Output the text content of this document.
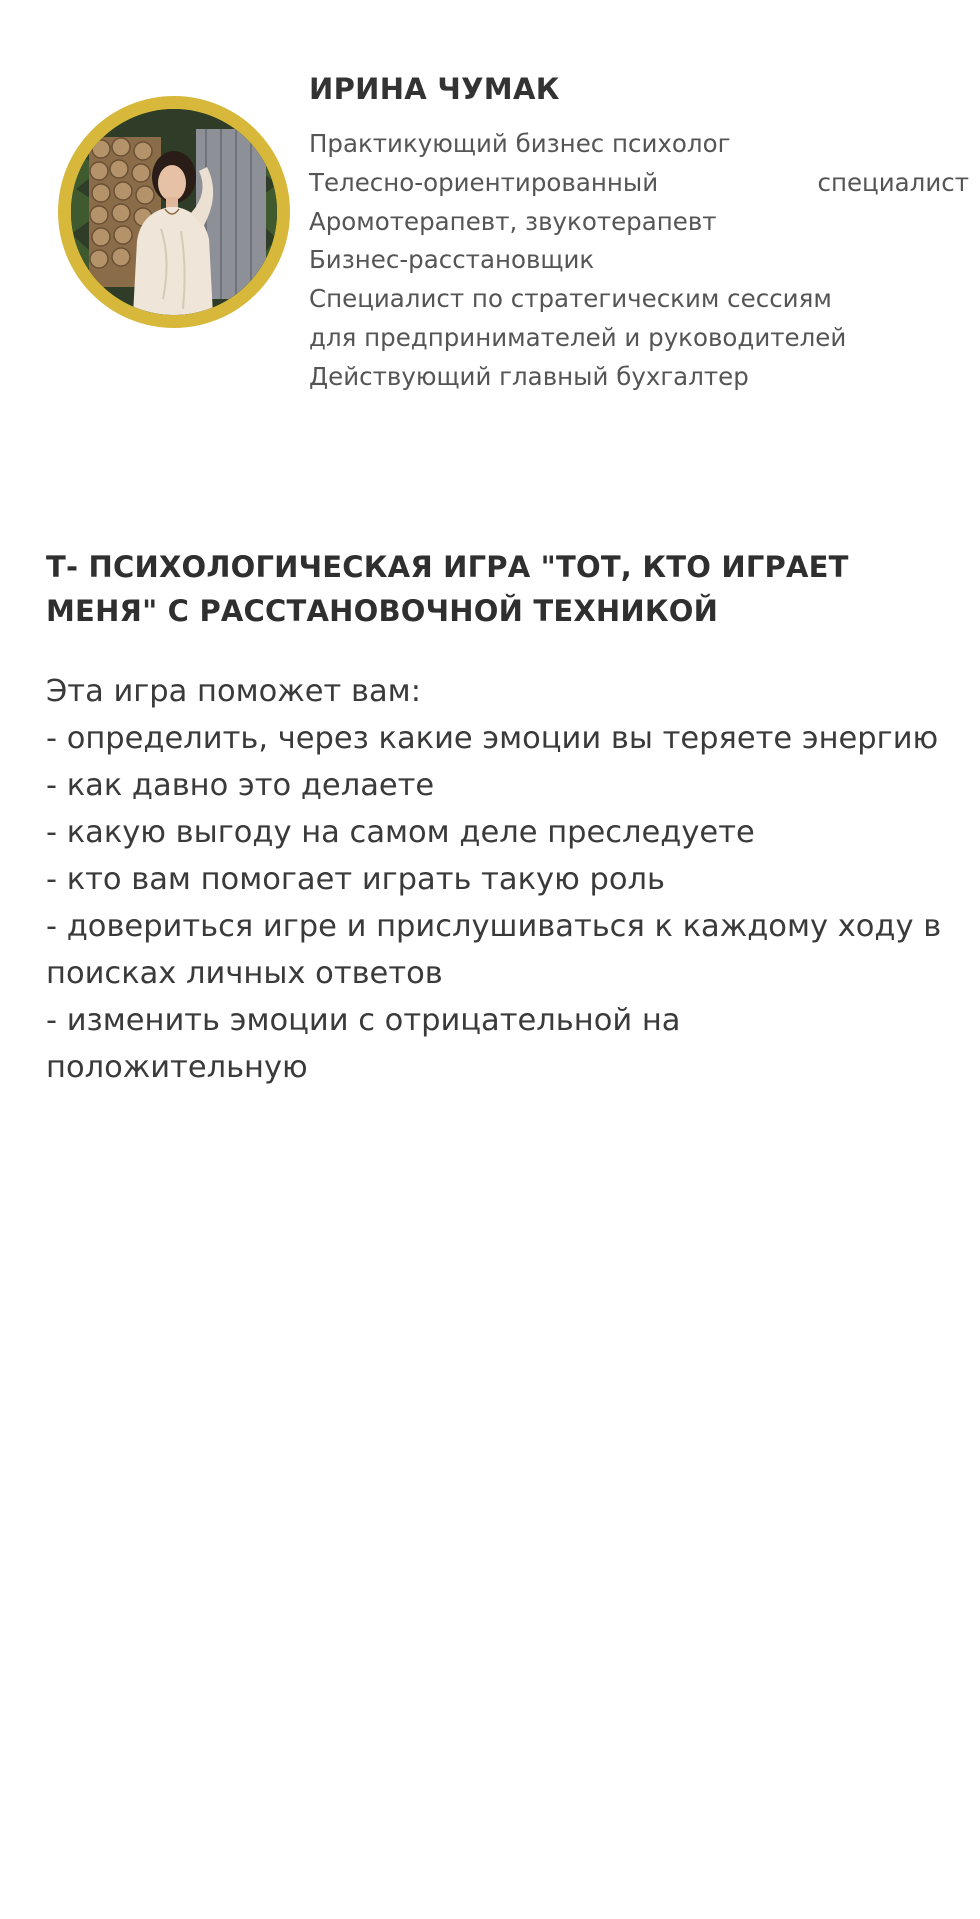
ИРИНА ЧУМАК
Практикующий бизнес психолог
Телесно-ориентированный	специалист
Аромотерапевт, звукотерапевт
Бизнес-расстановщик
Специалист по стратегическим сессиям
для предпринимателей и руководителей
Действующий главный бухгалтер
Т- ПСИХОЛОГИЧЕСКАЯ ИГРА "ТОТ, КТО ИГРАЕТ МЕНЯ" С РАССТАНОВОЧНОЙ ТЕХНИКОЙ
Эта игра поможет вам:
- определить, через какие эмоции вы теряете энергию
- как давно это делаете
- какую выгоду на самом деле преследуете
- кто вам помогает играть такую роль
- довериться игре и прислушиваться к каждому ходу в поисках личных ответов
- изменить эмоции с отрицательной на положительную
